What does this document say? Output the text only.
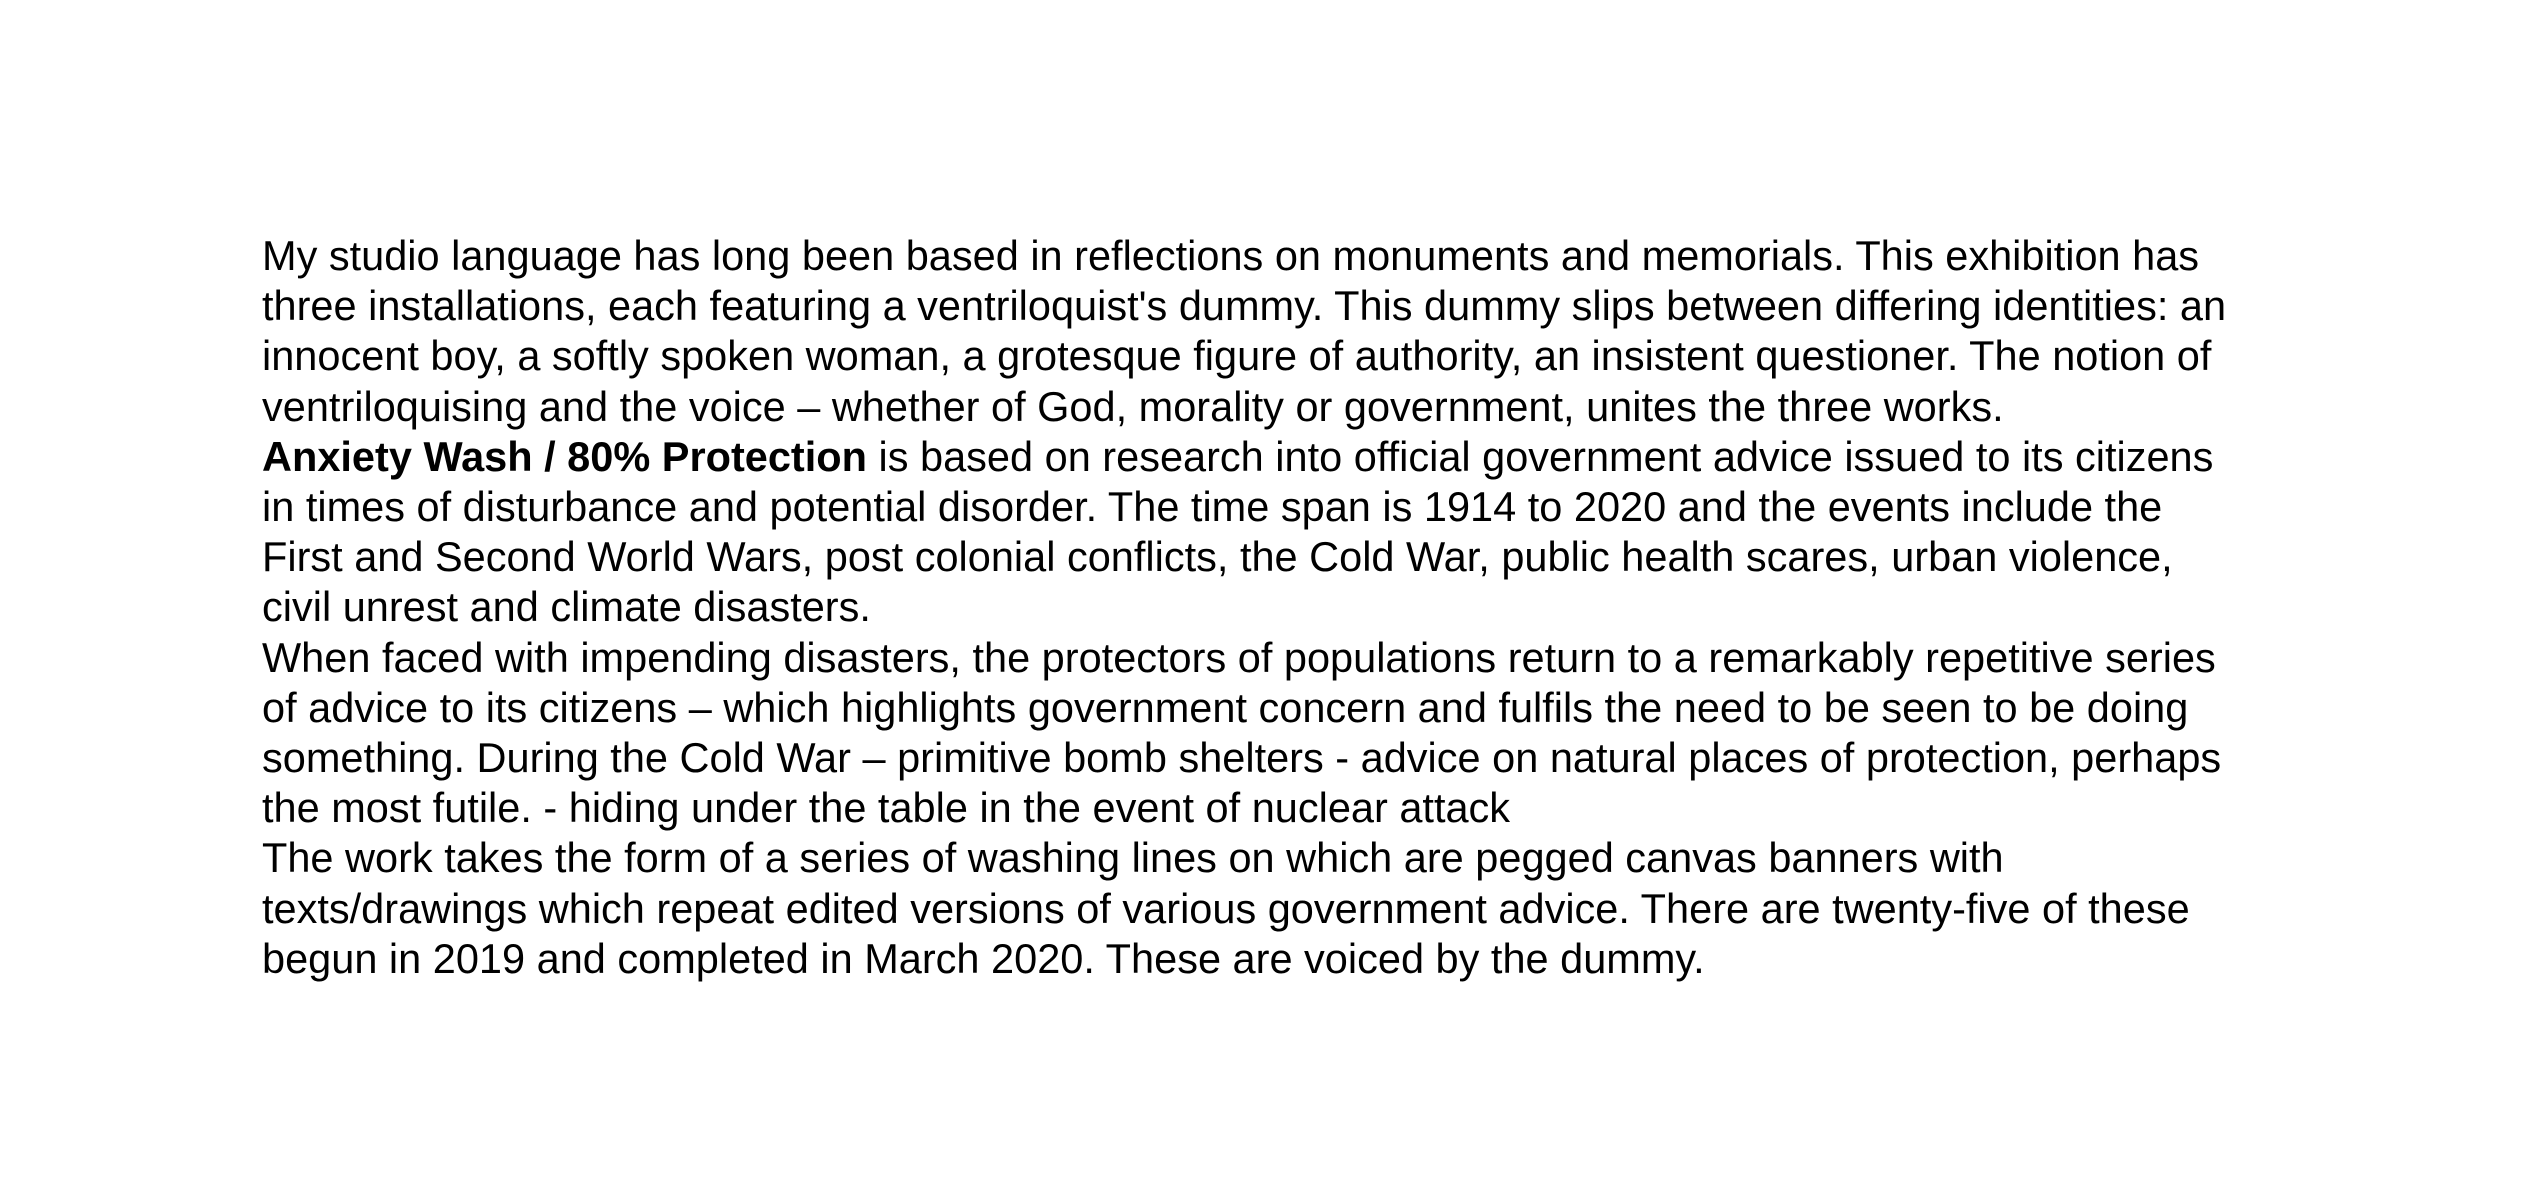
My studio language has long been based in reflections on monuments and memorials. This exhibition has
three installations, each featuring a ventriloquist's dummy. This dummy slips between differing identities: an
innocent boy, a softly spoken woman, a grotesque figure of authority, an insistent questioner. The notion of
ventriloquising and the voice – whether of God, morality or government, unites the three works.

Anxiety Wash / 80% Protection is based on research into official government advice issued to its citizens
in times of disturbance and potential disorder. The time span is 1914 to 2020 and the events include the
First and Second World Wars, post colonial conflicts, the Cold War, public health scares, urban violence,
civil unrest and climate disasters.

When faced with impending disasters, the protectors of populations return to a remarkably repetitive series
of advice to its citizens – which highlights government concern and fulfils the need to be seen to be doing
something. During the Cold War – primitive bomb shelters - advice on natural places of protection, perhaps
the most futile. - hiding under the table in the event of nuclear attack

The work takes the form of a series of washing lines on which are pegged canvas banners with
texts/drawings which repeat edited versions of various government advice. There are twenty-five of these
begun in 2019 and completed in March 2020. These are voiced by the dummy.
